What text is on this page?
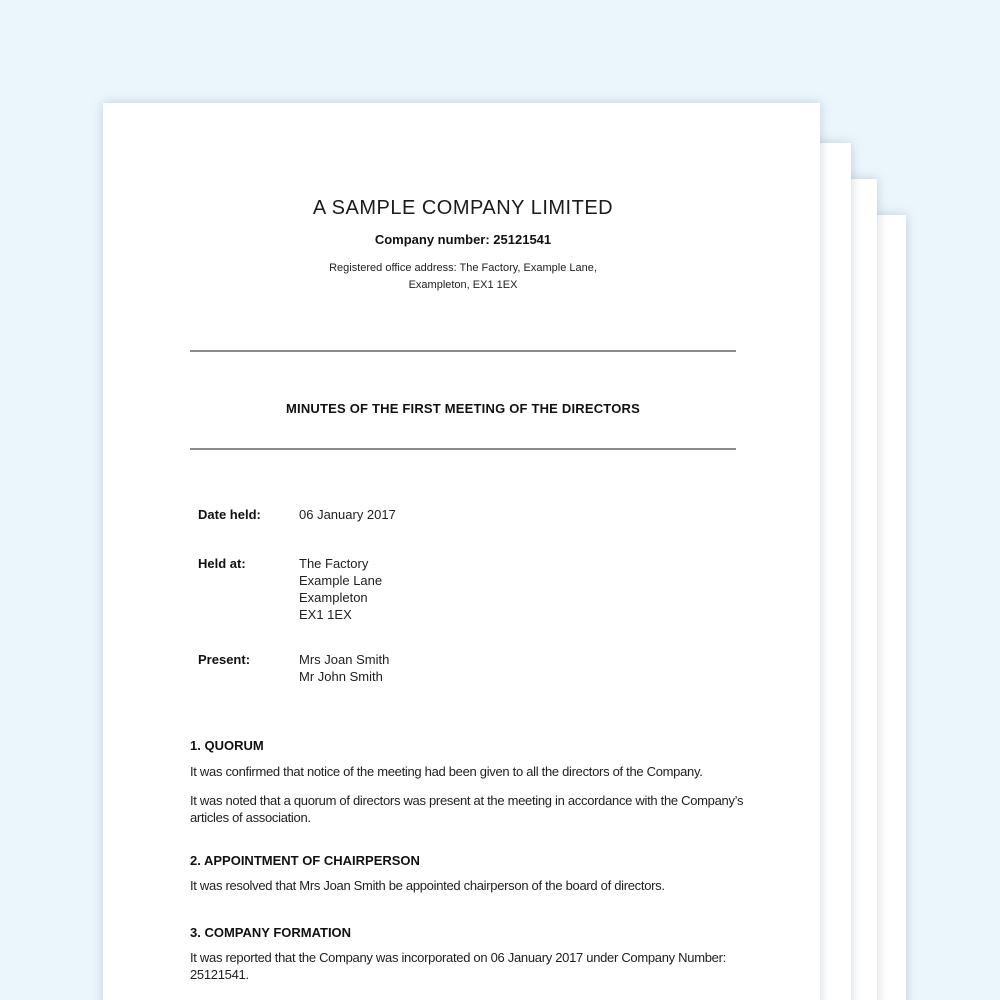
A SAMPLE COMPANY LIMITED
Company number: 25121541
Registered office address: The Factory, Example Lane,
Exampleton, EX1 1EX
MINUTES OF THE FIRST MEETING OF THE DIRECTORS
Date held:	06 January 2017
Held at:	The Factory
Example Lane
Exampleton
EX1 1EX
Present:	Mrs Joan Smith
Mr John Smith
1. QUORUM
It was confirmed that notice of the meeting had been given to all the directors of the Company.
It was noted that a quorum of directors was present at the meeting in accordance with the Company’s articles of association.
2. APPOINTMENT OF CHAIRPERSON
It was resolved that Mrs Joan Smith be appointed chairperson of the board of directors.
3. COMPANY FORMATION
It was reported that the Company was incorporated on 06 January 2017 under Company Number: 25121541.
